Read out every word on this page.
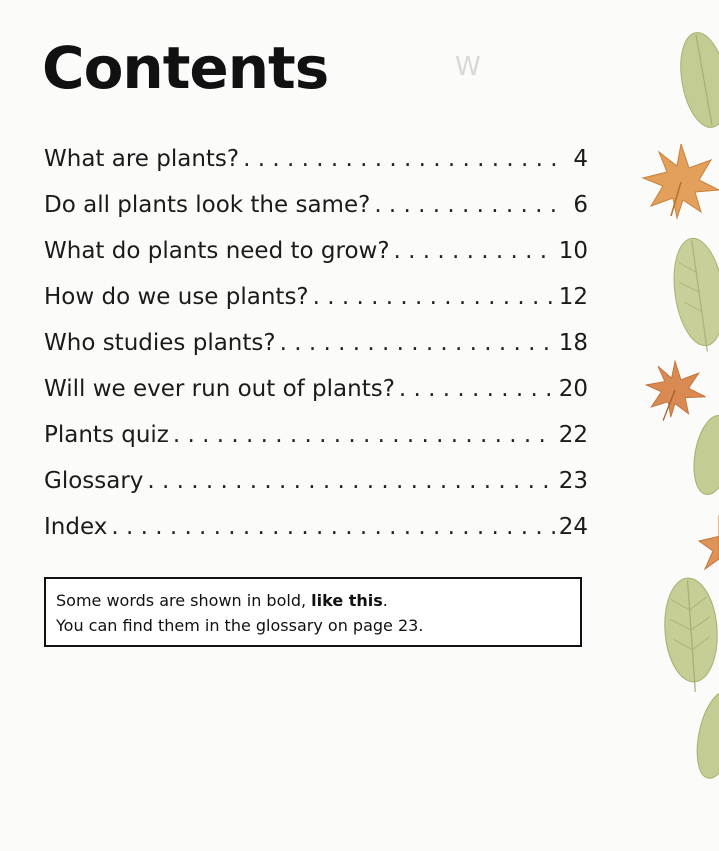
W
Contents
What are plants? . . .	4
Do all plants look the same? . . .	6
What do plants need to grow? . . .	10
How do we use plants? . . .	12
Who studies plants? . . .	18
Will we ever run out of plants? . . .	20
Plants quiz . . .	22
Glossary . . .	23
Index . . .	24
Some words are shown in bold, like this.
You can find them in the glossary on page 23.
